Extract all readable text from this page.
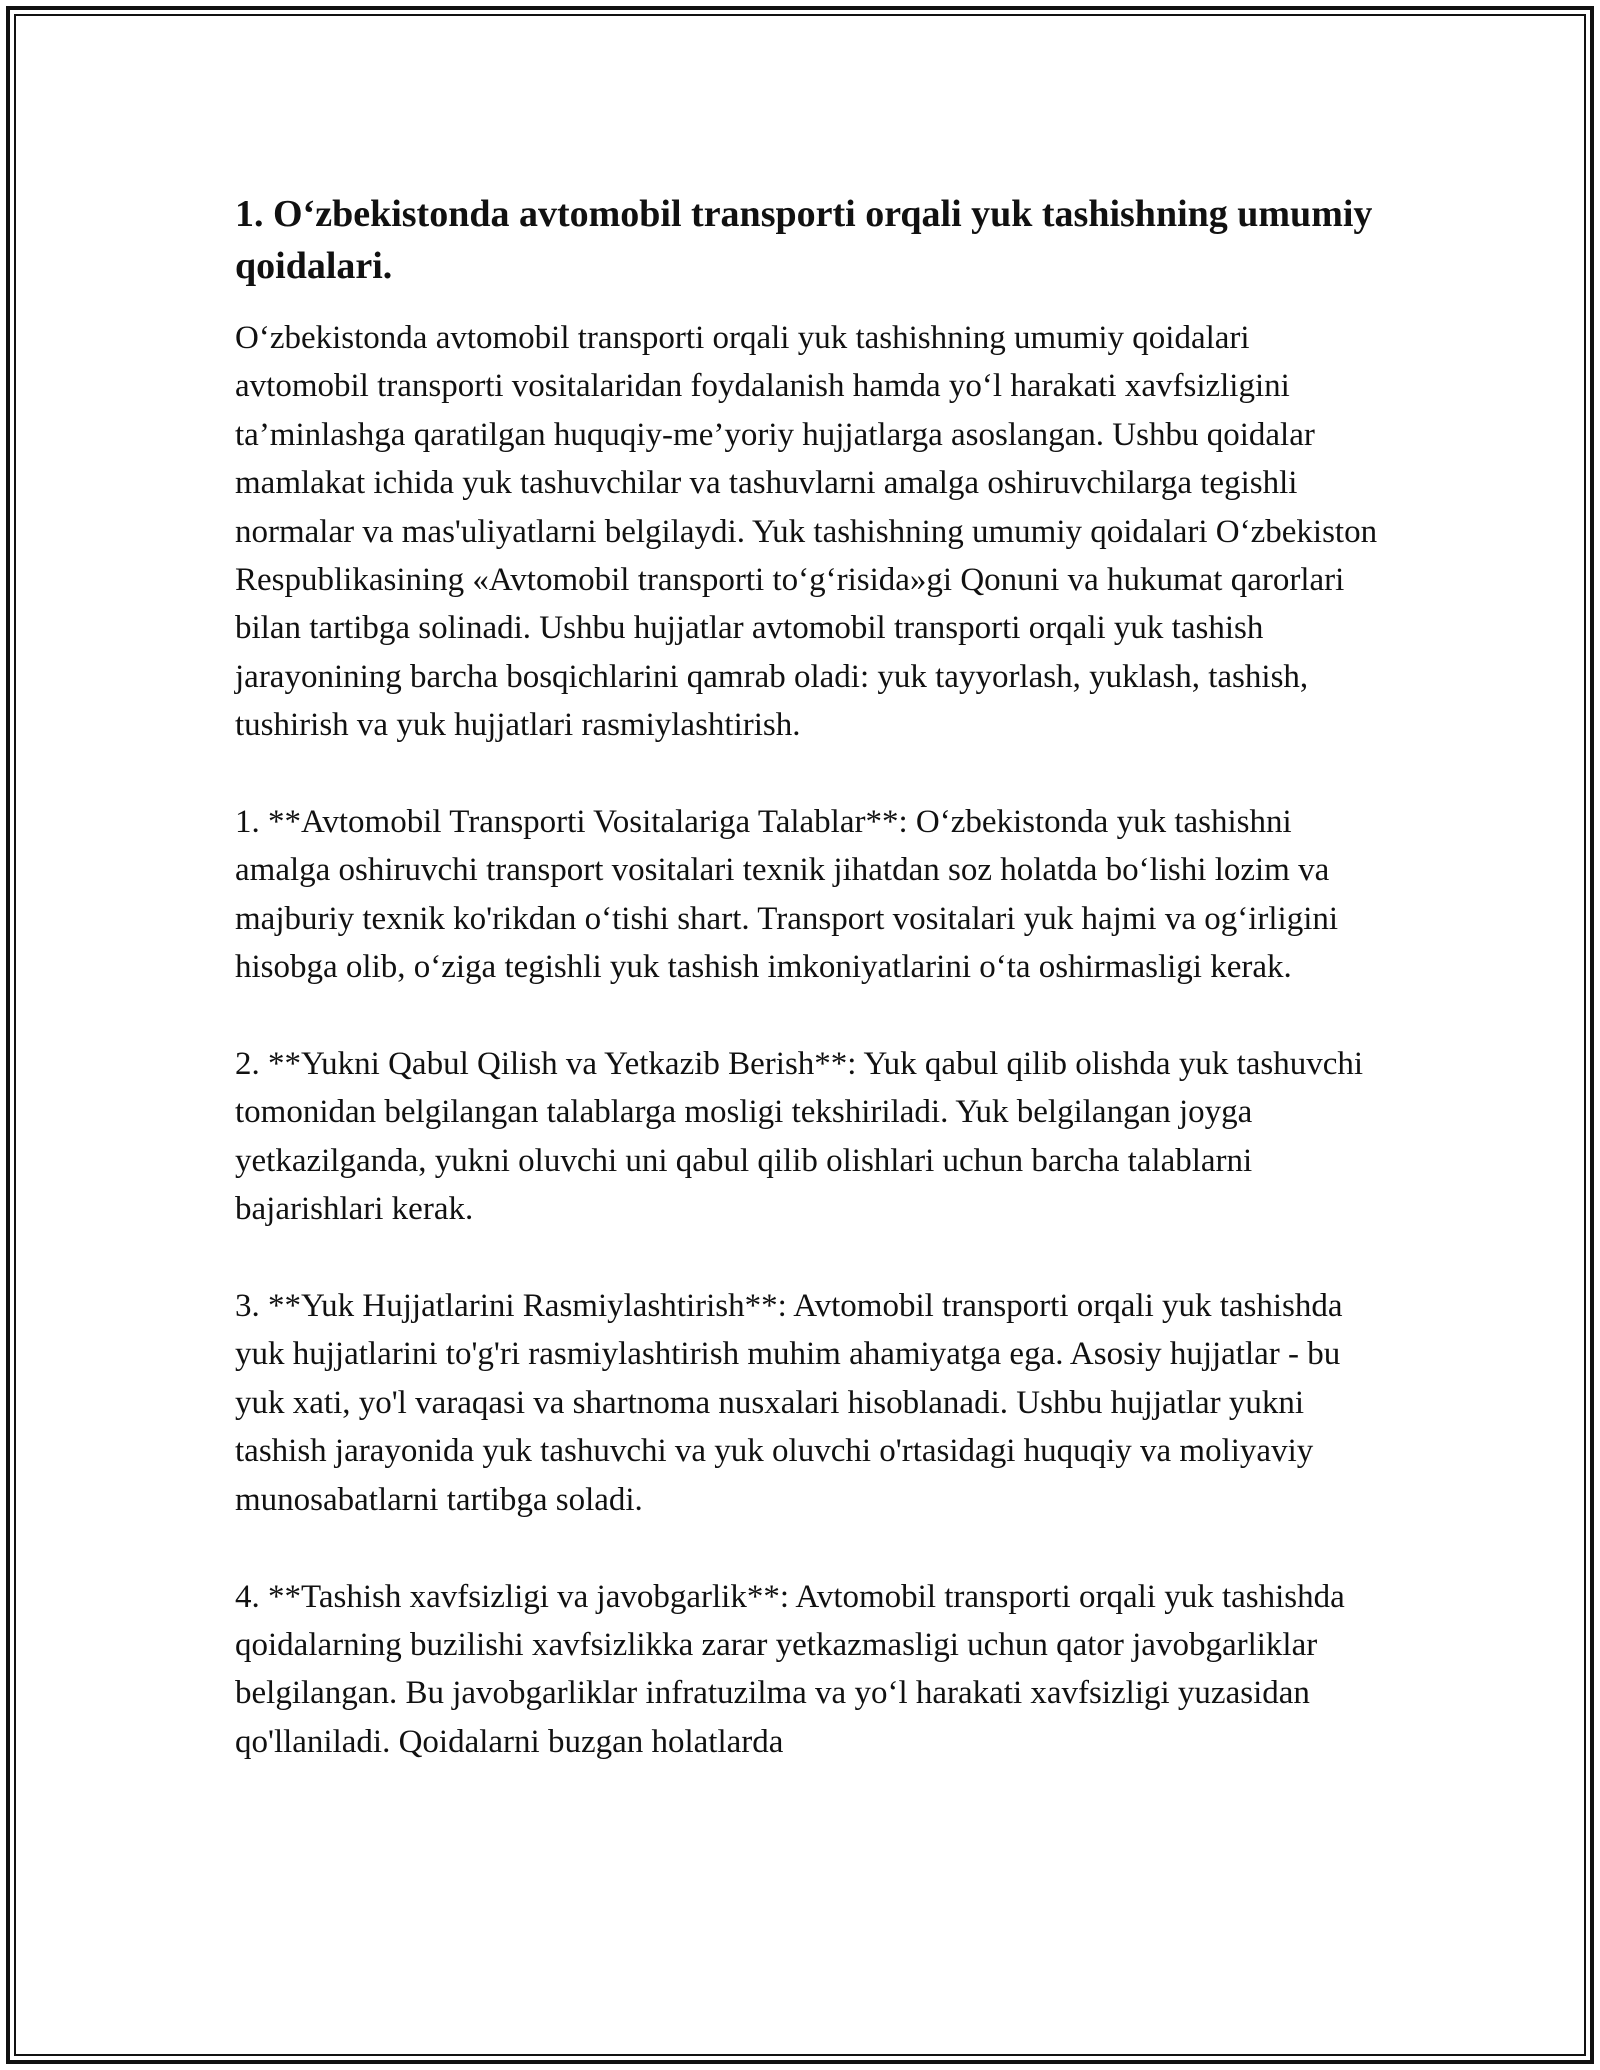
1. O‘zbekistonda avtomobil transporti orqali yuk tashishning umumiy qoidalari.

O‘zbekistonda avtomobil transporti orqali yuk tashishning umumiy qoidalari avtomobil transporti vositalaridan foydalanish hamda yo‘l harakati xavfsizligini ta’minlashga qaratilgan huquqiy-me’yoriy hujjatlarga asoslangan. Ushbu qoidalar mamlakat ichida yuk tashuvchilar va tashuvlarni amalga oshiruvchilarga tegishli normalar va mas'uliyatlarni belgilaydi. Yuk tashishning umumiy qoidalari O‘zbekiston Respublikasining «Avtomobil transporti to‘g‘risida»gi Qonuni va hukumat qarorlari bilan tartibga solinadi. Ushbu hujjatlar avtomobil transporti orqali yuk tashish jarayonining barcha bosqichlarini qamrab oladi: yuk tayyorlash, yuklash, tashish, tushirish va yuk hujjatlari rasmiylashtirish.

1. **Avtomobil Transporti Vositalariga Talablar**: O‘zbekistonda yuk tashishni amalga oshiruvchi transport vositalari texnik jihatdan soz holatda bo‘lishi lozim va majburiy texnik ko'rikdan o‘tishi shart. Transport vositalari yuk hajmi va og‘irligini hisobga olib, o‘ziga tegishli yuk tashish imkoniyatlarini o‘ta oshirmasligi kerak.

2. **Yukni Qabul Qilish va Yetkazib Berish**: Yuk qabul qilib olishda yuk tashuvchi tomonidan belgilangan talablarga mosligi tekshiriladi. Yuk belgilangan joyga yetkazilganda, yukni oluvchi uni qabul qilib olishlari uchun barcha talablarni bajarishlari kerak.

3. **Yuk Hujjatlarini Rasmiylashtirish**: Avtomobil transporti orqali yuk tashishda yuk hujjatlarini to'g'ri rasmiylashtirish muhim ahamiyatga ega. Asosiy hujjatlar - bu yuk xati, yo'l varaqasi va shartnoma nusxalari hisoblanadi. Ushbu hujjatlar yukni tashish jarayonida yuk tashuvchi va yuk oluvchi o'rtasidagi huquqiy va moliyaviy munosabatlarni tartibga soladi.

4. **Tashish xavfsizligi va javobgarlik**: Avtomobil transporti orqali yuk tashishda qoidalarning buzilishi xavfsizlikka zarar yetkazmasligi uchun qator javobgarliklar belgilangan. Bu javobgarliklar infratuzilma va yo‘l harakati xavfsizligi yuzasidan qo'llaniladi. Qoidalarni buzgan holatlarda
